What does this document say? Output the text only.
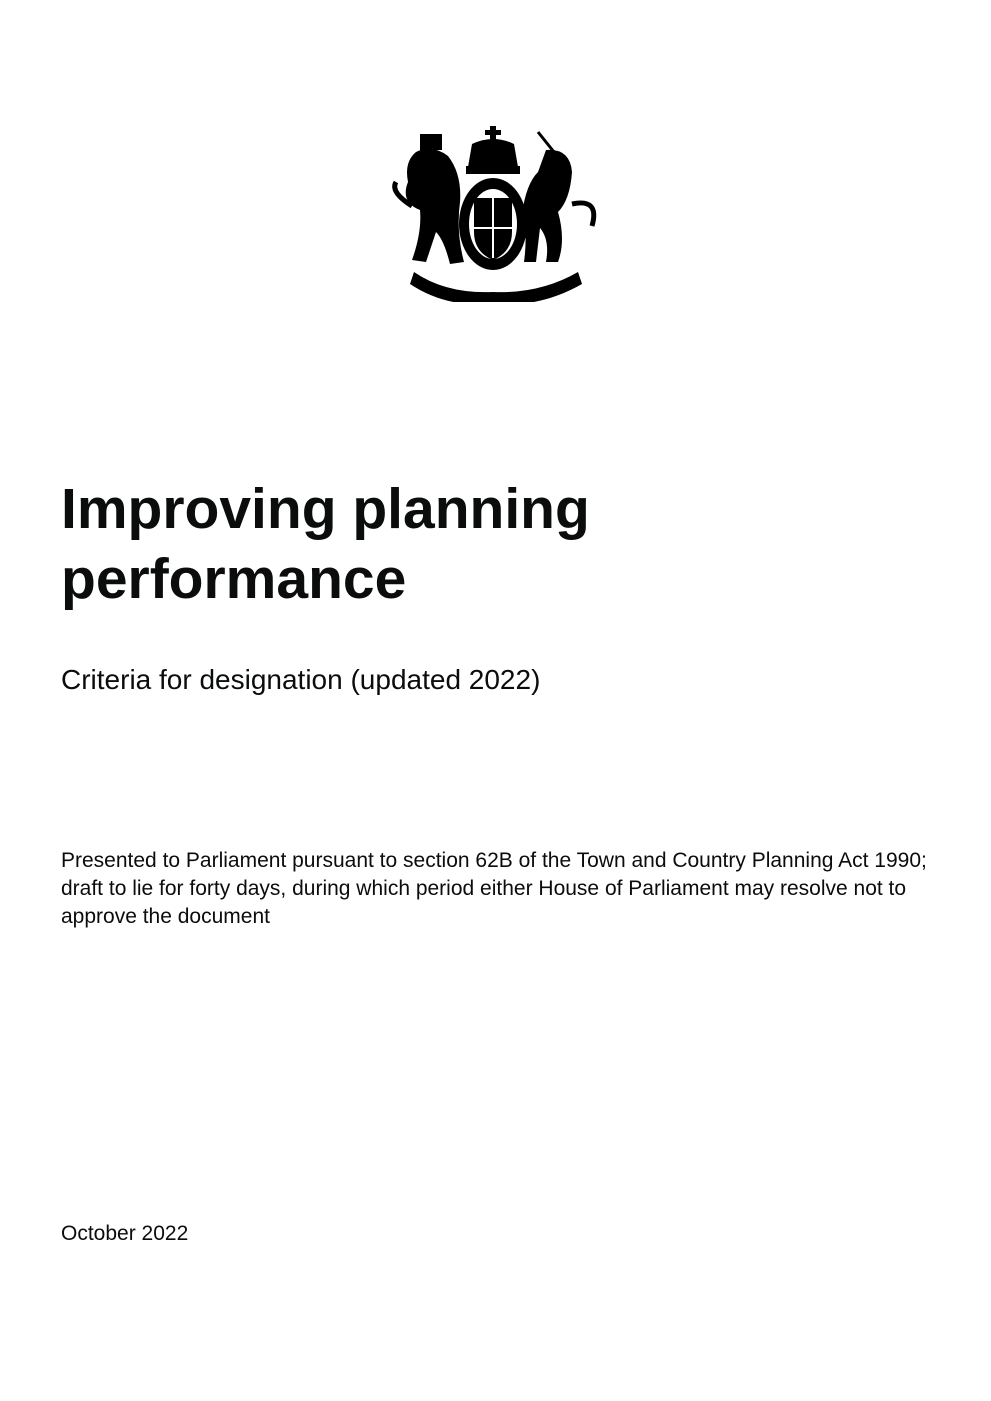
Improving planning
performance
Criteria for designation (updated 2022)

Presented to Parliament pursuant to section 62B of the Town and Country Planning Act 1990; draft to lie for forty days, during which period either House of Parliament may resolve not to approve the document

October 2022
